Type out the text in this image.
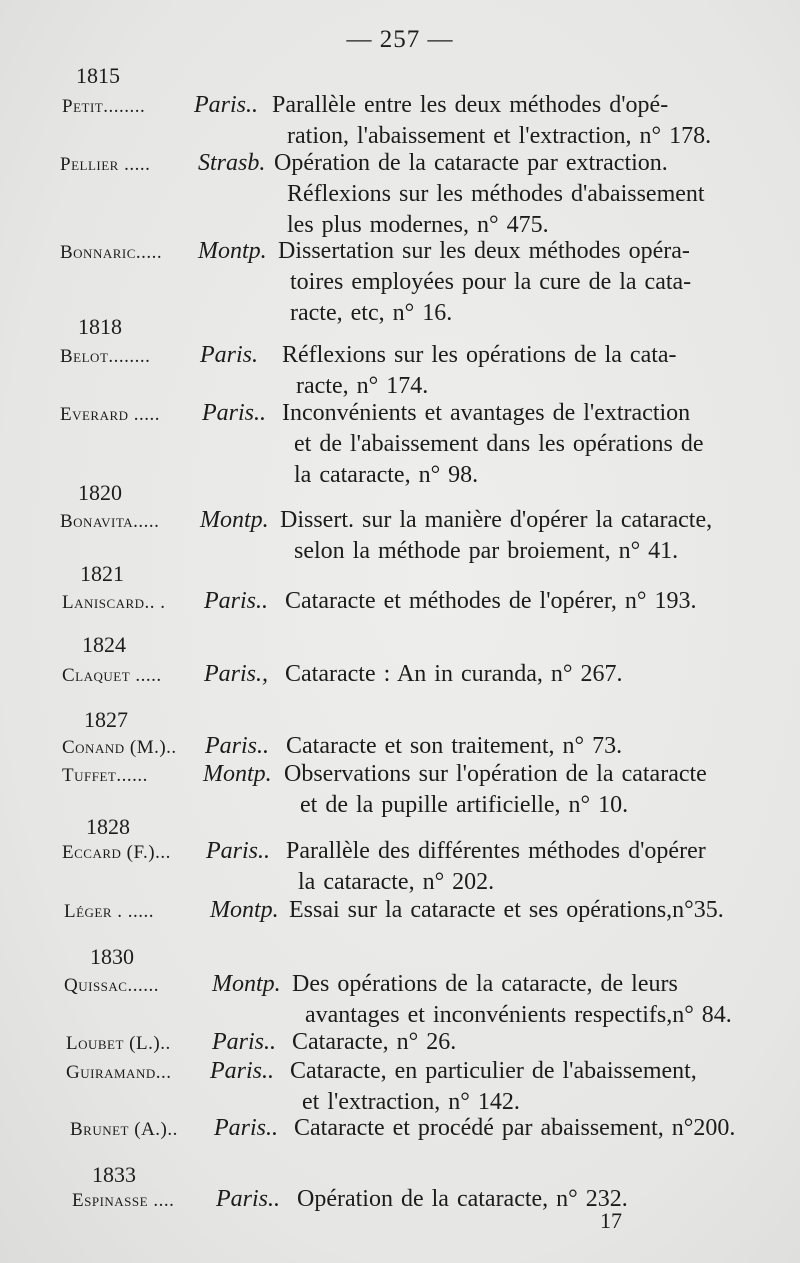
— 257 —
1815
1818
1820
1821
1824
1827
1828
1830
1833
Petit........ Paris.. Parallèle entre les deux méthodes d'opé-
ration, l'abaissement et l'extraction, n° 178.
Pellier ..... Strasb. Opération de la cataracte par extraction.
Réflexions sur les méthodes d'abaissement
les plus modernes, n° 475.
Bonnaric..... Montp. Dissertation sur les deux méthodes opéra-
toires employées pour la cure de la cata-
racte, etc, n° 16.
Belot........ Paris. Réflexions sur les opérations de la cata-
racte, n° 174.
Everard ..... Paris.. Inconvénients et avantages de l'extraction
et de l'abaissement dans les opérations de
la cataracte, n° 98.
Bonavita..... Montp. Dissert. sur la manière d'opérer la cataracte,
selon la méthode par broiement, n° 41.
Laniscard.. . Paris.. Cataracte et méthodes de l'opérer, n° 193.
Claquet ..... Paris., Cataracte : An in curanda, n° 267.
Conand (M.).. Paris.. Cataracte et son traitement, n° 73.
Tuffet...... Montp. Observations sur l'opération de la cataracte
et de la pupille artificielle, n° 10.
Eccard (F.)... Paris.. Parallèle des différentes méthodes d'opérer
la cataracte, n° 202.
Léger . ..... Montp. Essai sur la cataracte et ses opérations,n°35.
Quissac...... Montp. Des opérations de la cataracte, de leurs
avantages et inconvénients respectifs,n° 84.
Loubet (L.).. Paris.. Cataracte, n° 26.
Guiramand... Paris.. Cataracte, en particulier de l'abaissement,
et l'extraction, n° 142.
Brunet (A.).. Paris.. Cataracte et procédé par abaissement, n°200.
Espinasse .... Paris.. Opération de la cataracte, n° 232.
17
